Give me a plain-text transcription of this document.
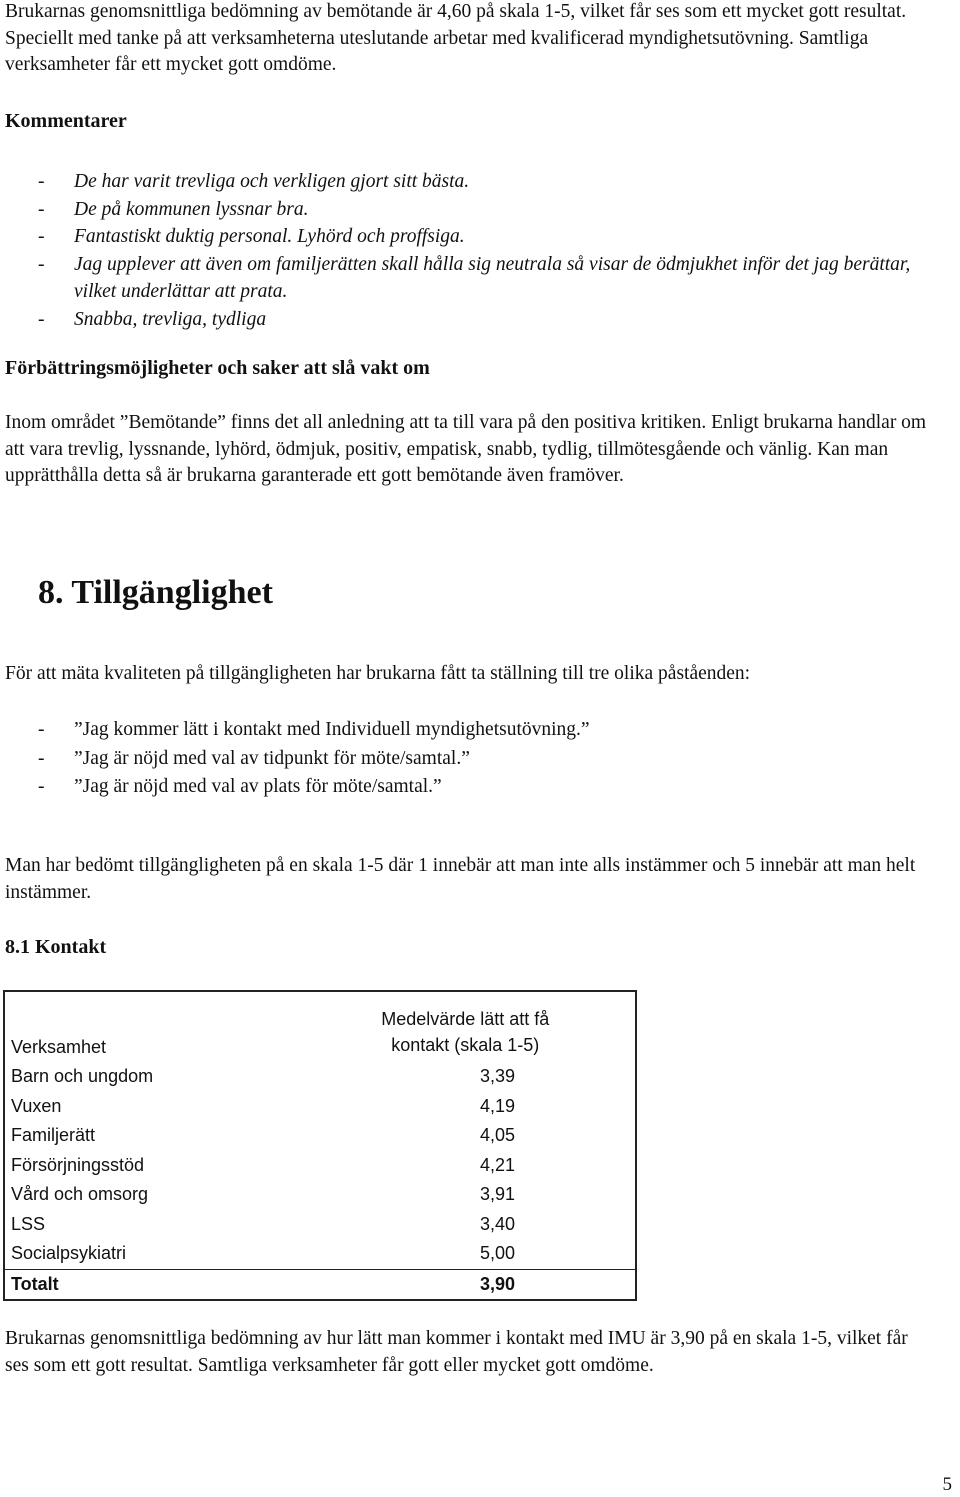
Brukarnas genomsnittliga bedömning av bemötande är 4,60 på skala 1-5, vilket får ses som ett mycket gott resultat. Speciellt med tanke på att verksamheterna uteslutande arbetar med kvalificerad myndighetsutövning. Samtliga verksamheter får ett mycket gott omdöme.

Kommentarer
- De har varit trevliga och verkligen gjort sitt bästa.
- De på kommunen lyssnar bra.
- Fantastiskt duktig personal. Lyhörd och proffsiga.
- Jag upplever att även om familjerätten skall hålla sig neutrala så visar de ödmjukhet inför det jag berättar, vilket underlättar att prata.
- Snabba, trevliga, tydliga
Förbättringsmöjligheter och saker att slå vakt om

Inom området ”Bemötande” finns det all anledning att ta till vara på den positiva kritiken. Enligt brukarna handlar om att vara trevlig, lyssnande, lyhörd, ödmjuk, positiv, empatisk, snabb, tydlig, tillmötesgående och vänlig. Kan man upprätthålla detta så är brukarna garanterade ett gott bemötande även framöver.

8. Tillgänglighet

För att mäta kvaliteten på tillgängligheten har brukarna fått ta ställning till tre olika påståenden:

- ”Jag kommer lätt i kontakt med Individuell myndighetsutövning.”
- ”Jag är nöjd med val av tidpunkt för möte/samtal.”
- ”Jag är nöjd med val av plats för möte/samtal.”

Man har bedömt tillgängligheten på en skala 1-5 där 1 innebär att man inte alls instämmer och 5 innebär att man helt instämmer.

8.1 Kontakt
Verksamhet	Medelvärde lätt att få
kontakt (skala 1-5)
Barn och ungdom	3,39
Vuxen	4,19
Familjerätt	4,05
Försörjningsstöd	4,21
Vård och omsorg	3,91
LSS	3,40
Socialpsykiatri	5,00
Totalt	3,90

Brukarnas genomsnittliga bedömning av hur lätt man kommer i kontakt med IMU är 3,90 på en skala 1-5, vilket får ses som ett gott resultat. Samtliga verksamheter får gott eller mycket gott omdöme.

5
